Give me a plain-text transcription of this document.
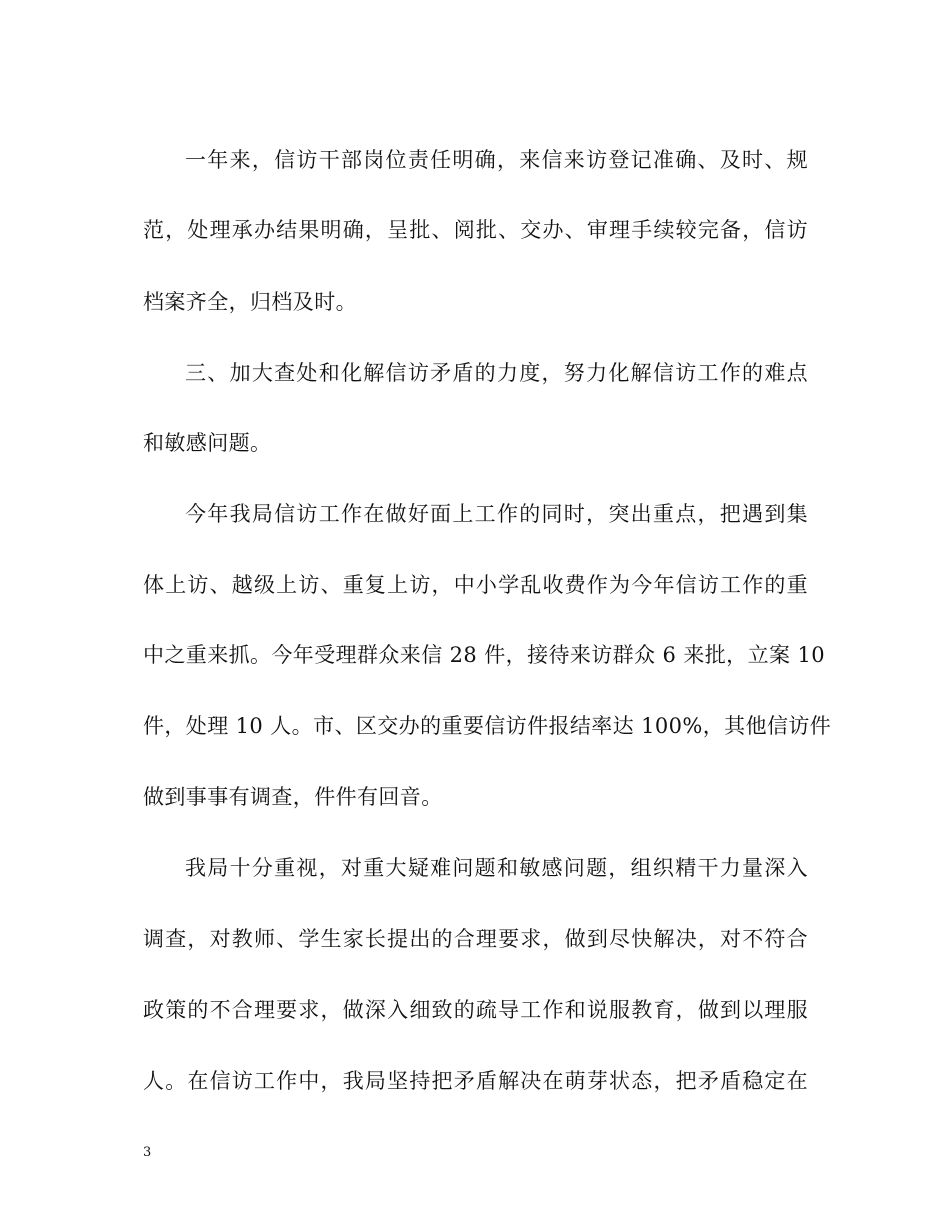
一年来，信访干部岗位责任明确，来信来访登记准确、及时、规
范，处理承办结果明确，呈批、阅批、交办、审理手续较完备，信访
档案齐全，归档及时。
三、加大查处和化解信访矛盾的力度，努力化解信访工作的难点
和敏感问题。
今年我局信访工作在做好面上工作的同时，突出重点，把遇到集
体上访、越级上访、重复上访，中小学乱收费作为今年信访工作的重
中之重来抓。今年受理群众来信 28 件，接待来访群众 6 来批，立案 10
件，处理 10 人。市、区交办的重要信访件报结率达 100%，其他信访件
做到事事有调查，件件有回音。
我局十分重视，对重大疑难问题和敏感问题，组织精干力量深入
调查，对教师、学生家长提出的合理要求，做到尽快解决，对不符合
政策的不合理要求，做深入细致的疏导工作和说服教育，做到以理服
人。在信访工作中，我局坚持把矛盾解决在萌芽状态，把矛盾稳定在
3
